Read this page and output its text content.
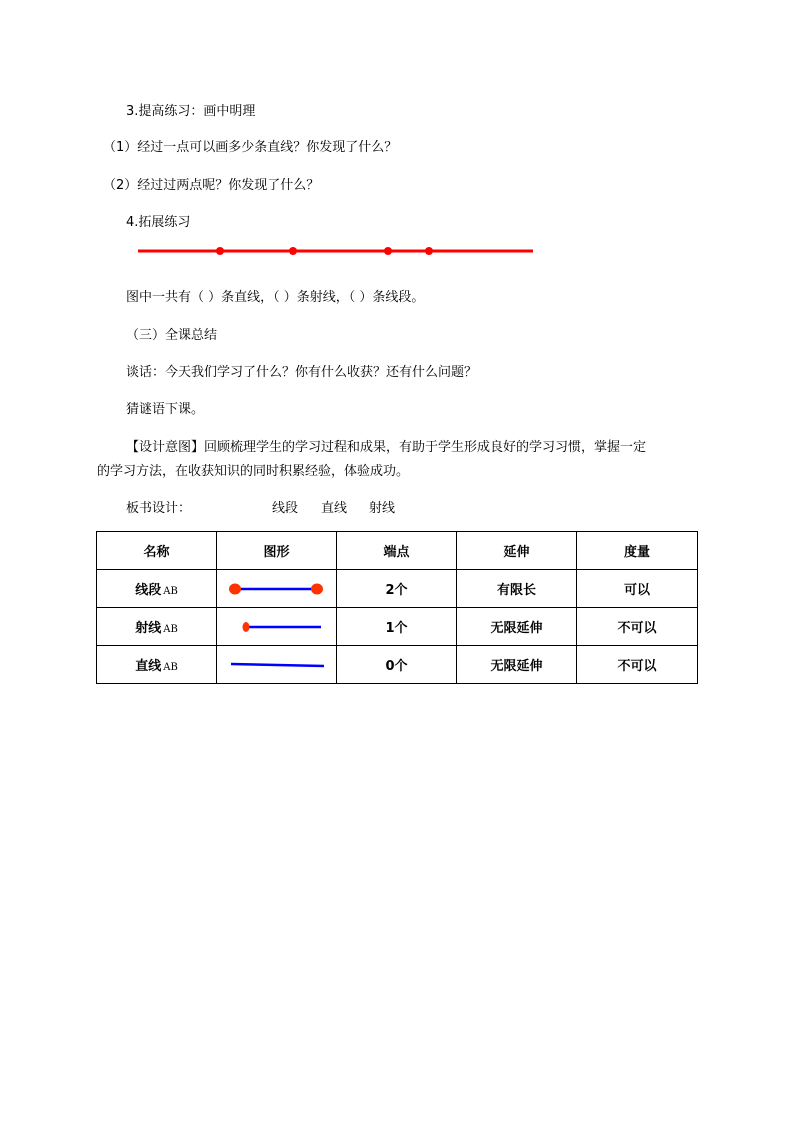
3.提高练习：画中明理
（1）经过一点可以画多少条直线？你发现了什么？
（2）经过过两点呢？你发现了什么？
4.拓展练习
图中一共有（ ）条直线，（ ）条射线，（ ）条线段。
（三）全课总结
谈话：今天我们学习了什么？你有什么收获？还有什么问题？
猜谜语下课。
【设计意图】回顾梳理学生的学习过程和成果，有助于学生形成良好的学习习惯，掌握一定
的学习方法，在收获知识的同时积累经验，体验成功。
板书设计：	线段 直线 射线
名称	图形	端点	延伸	度量
线段 AB		2个	有限长	可以
射线 AB		1个	无限延伸	不可以
直线 AB		0个	无限延伸	不可以
